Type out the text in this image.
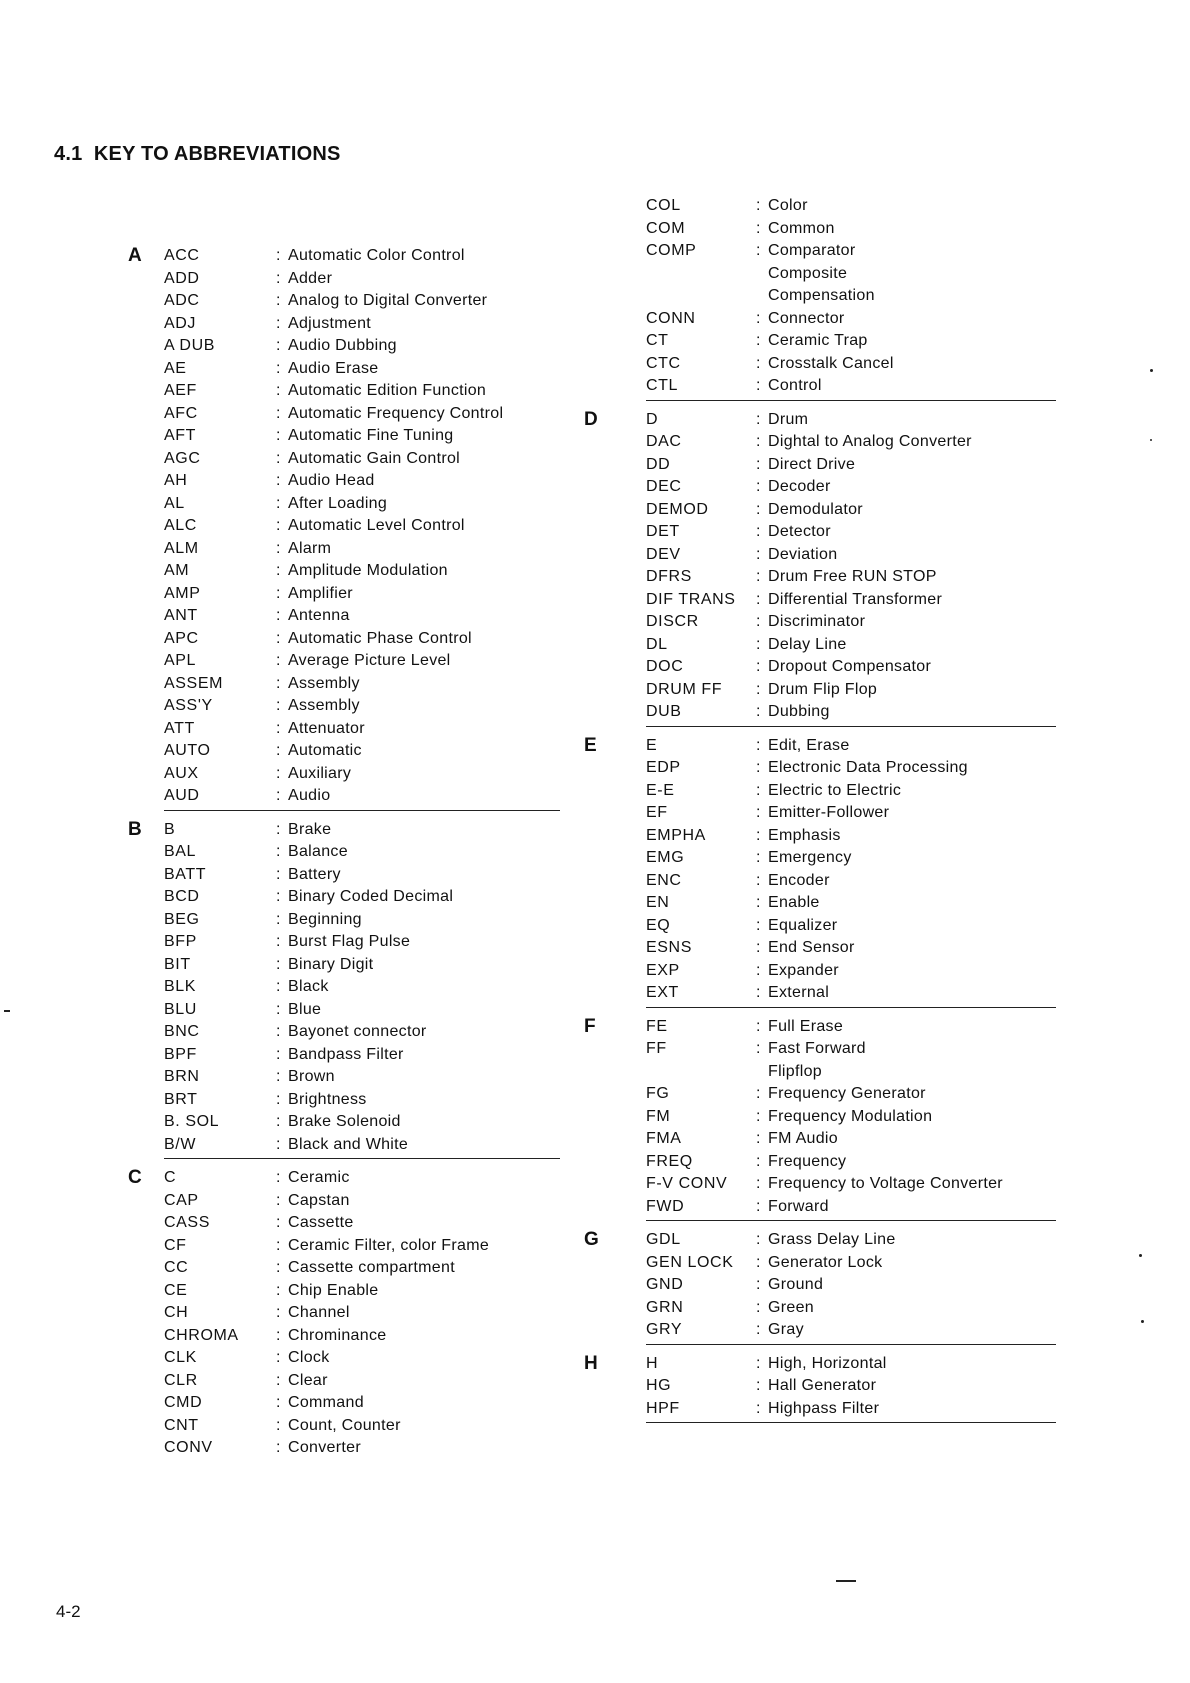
4.1  KEY TO ABBREVIATIONS
A ACC	: Automatic Color Control
ADD	: Adder
ADC	: Analog to Digital Converter
ADJ	: Adjustment
A DUB	: Audio Dubbing
AE	: Audio Erase
AEF	: Automatic Edition Function
AFC	: Automatic Frequency Control
AFT	: Automatic Fine Tuning
AGC	: Automatic Gain Control
AH	: Audio Head
AL	: After Loading
ALC	: Automatic Level Control
ALM	: Alarm
AM	: Amplitude Modulation
AMP	: Amplifier
ANT	: Antenna
APC	: Automatic Phase Control
APL	: Average Picture Level
ASSEM	: Assembly
ASS'Y	: Assembly
ATT	: Attenuator
AUTO	: Automatic
AUX	: Auxiliary
AUD	: Audio
B B	: Brake
BAL	: Balance
BATT	: Battery
BCD	: Binary Coded Decimal
BEG	: Beginning
BFP	: Burst Flag Pulse
BIT	: Binary Digit
BLK	: Black
BLU	: Blue
BNC	: Bayonet connector
BPF	: Bandpass Filter
BRN	: Brown
BRT	: Brightness
B. SOL	: Brake Solenoid
B/W	: Black and White
C C	: Ceramic
CAP	: Capstan
CASS	: Cassette
CF	: Ceramic Filter, color Frame
CC	: Cassette compartment
CE	: Chip Enable
CH	: Channel
CHROMA	: Chrominance
CLK	: Clock
CLR	: Clear
CMD	: Command
CNT	: Count, Counter
CONV	: Converter
COL	: Color
COM	: Common
COMP	: Comparator
Composite
Compensation
CONN	: Connector
CT	: Ceramic Trap
CTC	: Crosstalk Cancel
CTL	: Control
D	D	: Drum
DAC	: Dightal to Analog Converter
DD	: Direct Drive
DEC	: Decoder
DEMOD	: Demodulator
DET	: Detector
DEV	: Deviation
DFRS	: Drum Free RUN STOP
DIF TRANS	: Differential Transformer
DISCR	: Discriminator
DL	: Delay Line
DOC	: Dropout Compensator
DRUM FF	: Drum Flip Flop
DUB	: Dubbing
E	E	: Edit, Erase
EDP	: Electronic Data Processing
E-E	: Electric to Electric
EF	: Emitter-Follower
EMPHA	: Emphasis
EMG	: Emergency
ENC	: Encoder
EN	: Enable
EQ	: Equalizer
ESNS	: End Sensor
EXP	: Expander
EXT	: External
F	FE	: Full Erase
FF	: Fast Forward
Flipflop
FG	: Frequency Generator
FM	: Frequency Modulation
FMA	: FM Audio
FREQ	: Frequency
F-V CONV	: Frequency to Voltage Converter
FWD	: Forward
G	GDL	: Grass Delay Line
GEN LOCK	: Generator Lock
GND	: Ground
GRN	: Green
GRY	: Gray
H	H	: High, Horizontal
HG	: Hall Generator
HPF	: Highpass Filter
4-2
